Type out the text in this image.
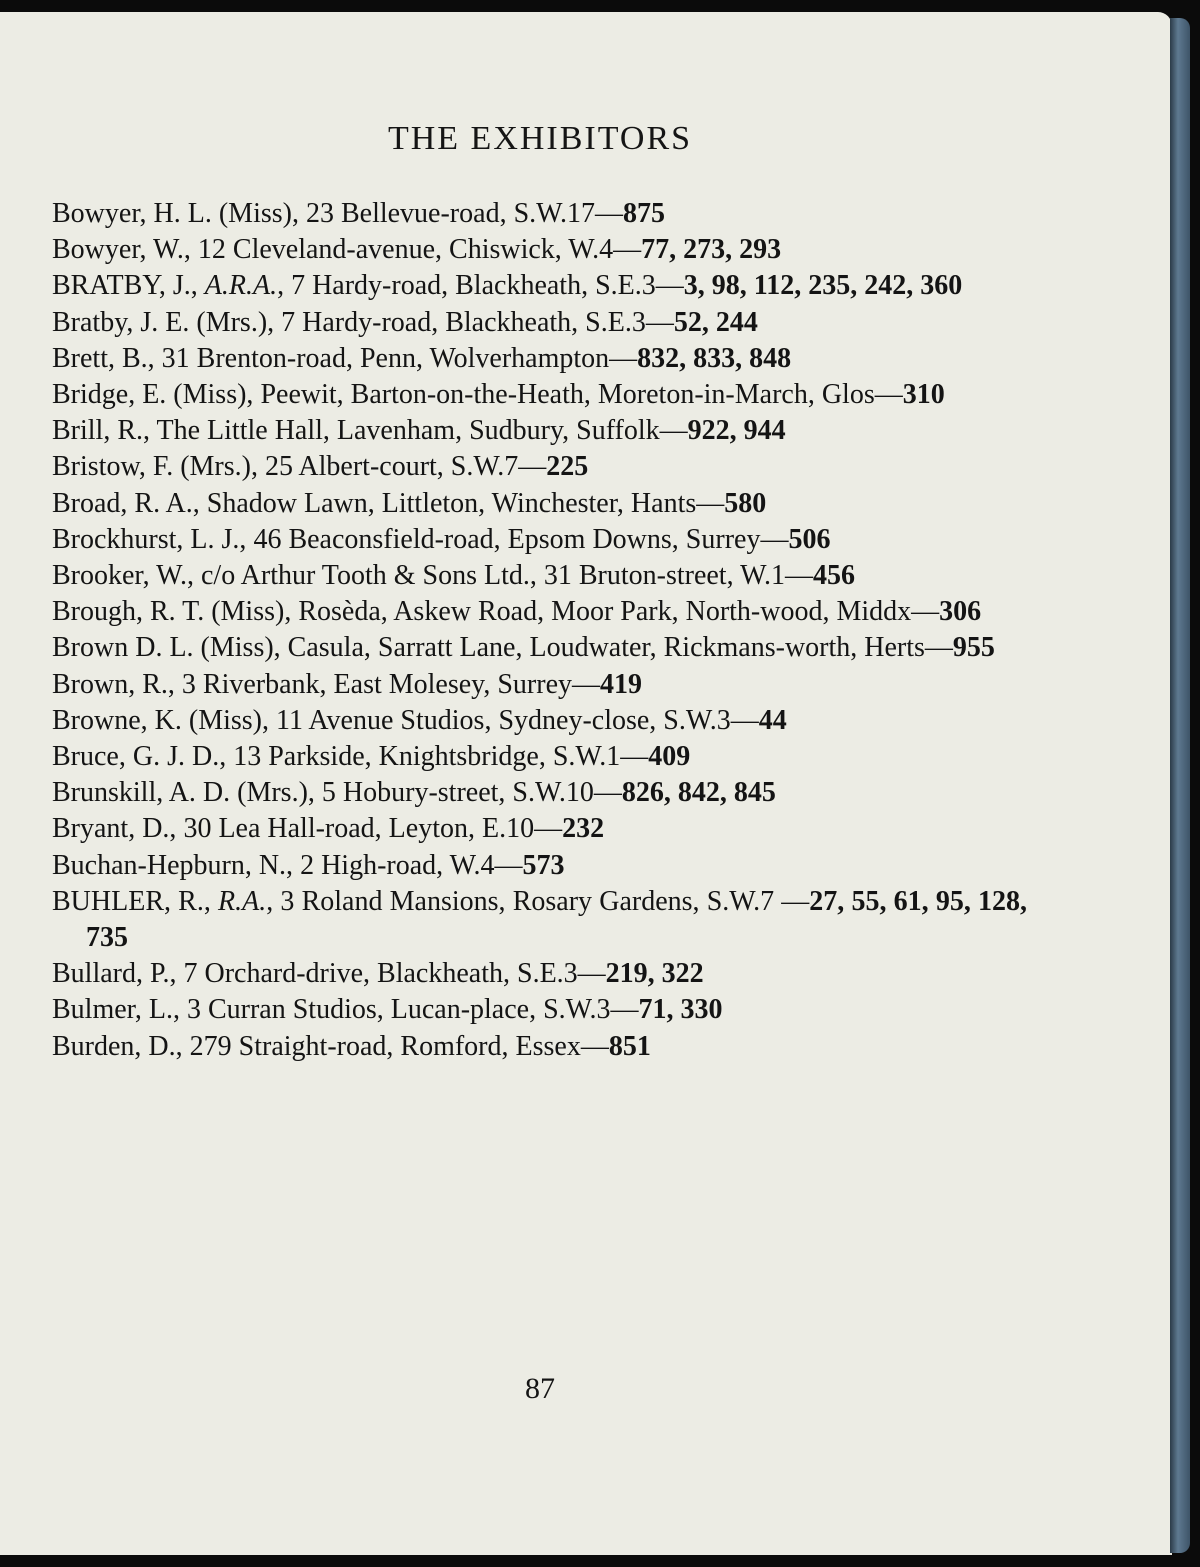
THE EXHIBITORS
Bowyer, H. L. (Miss), 23 Bellevue-road, S.W.17—875
Bowyer, W., 12 Cleveland-avenue, Chiswick, W.4—77, 273, 293
BRATBY, J., A.R.A., 7 Hardy-road, Blackheath, S.E.3—3, 98, 112, 235, 242, 360
Bratby, J. E. (Mrs.), 7 Hardy-road, Blackheath, S.E.3—52, 244
Brett, B., 31 Brenton-road, Penn, Wolverhampton—832, 833, 848
Bridge, E. (Miss), Peewit, Barton-on-the-Heath, Moreton-in-March, Glos—310
Brill, R., The Little Hall, Lavenham, Sudbury, Suffolk—922, 944
Bristow, F. (Mrs.), 25 Albert-court, S.W.7—225
Broad, R. A., Shadow Lawn, Littleton, Winchester, Hants—580
Brockhurst, L. J., 46 Beaconsfield-road, Epsom Downs, Surrey—506
Brooker, W., c/o Arthur Tooth & Sons Ltd., 31 Bruton-street, W.1—456
Brough, R. T. (Miss), Rosèda, Askew Road, Moor Park, North-wood, Middx—306
Brown D. L. (Miss), Casula, Sarratt Lane, Loudwater, Rickmans-worth, Herts—955
Brown, R., 3 Riverbank, East Molesey, Surrey—419
Browne, K. (Miss), 11 Avenue Studios, Sydney-close, S.W.3—44
Bruce, G. J. D., 13 Parkside, Knightsbridge, S.W.1—409
Brunskill, A. D. (Mrs.), 5 Hobury-street, S.W.10—826, 842, 845
Bryant, D., 30 Lea Hall-road, Leyton, E.10—232
Buchan-Hepburn, N., 2 High-road, W.4—573
BUHLER, R., R.A., 3 Roland Mansions, Rosary Gardens, S.W.7 —27, 55, 61, 95, 128, 735
Bullard, P., 7 Orchard-drive, Blackheath, S.E.3—219, 322
Bulmer, L., 3 Curran Studios, Lucan-place, S.W.3—71, 330
Burden, D., 279 Straight-road, Romford, Essex—851
87
